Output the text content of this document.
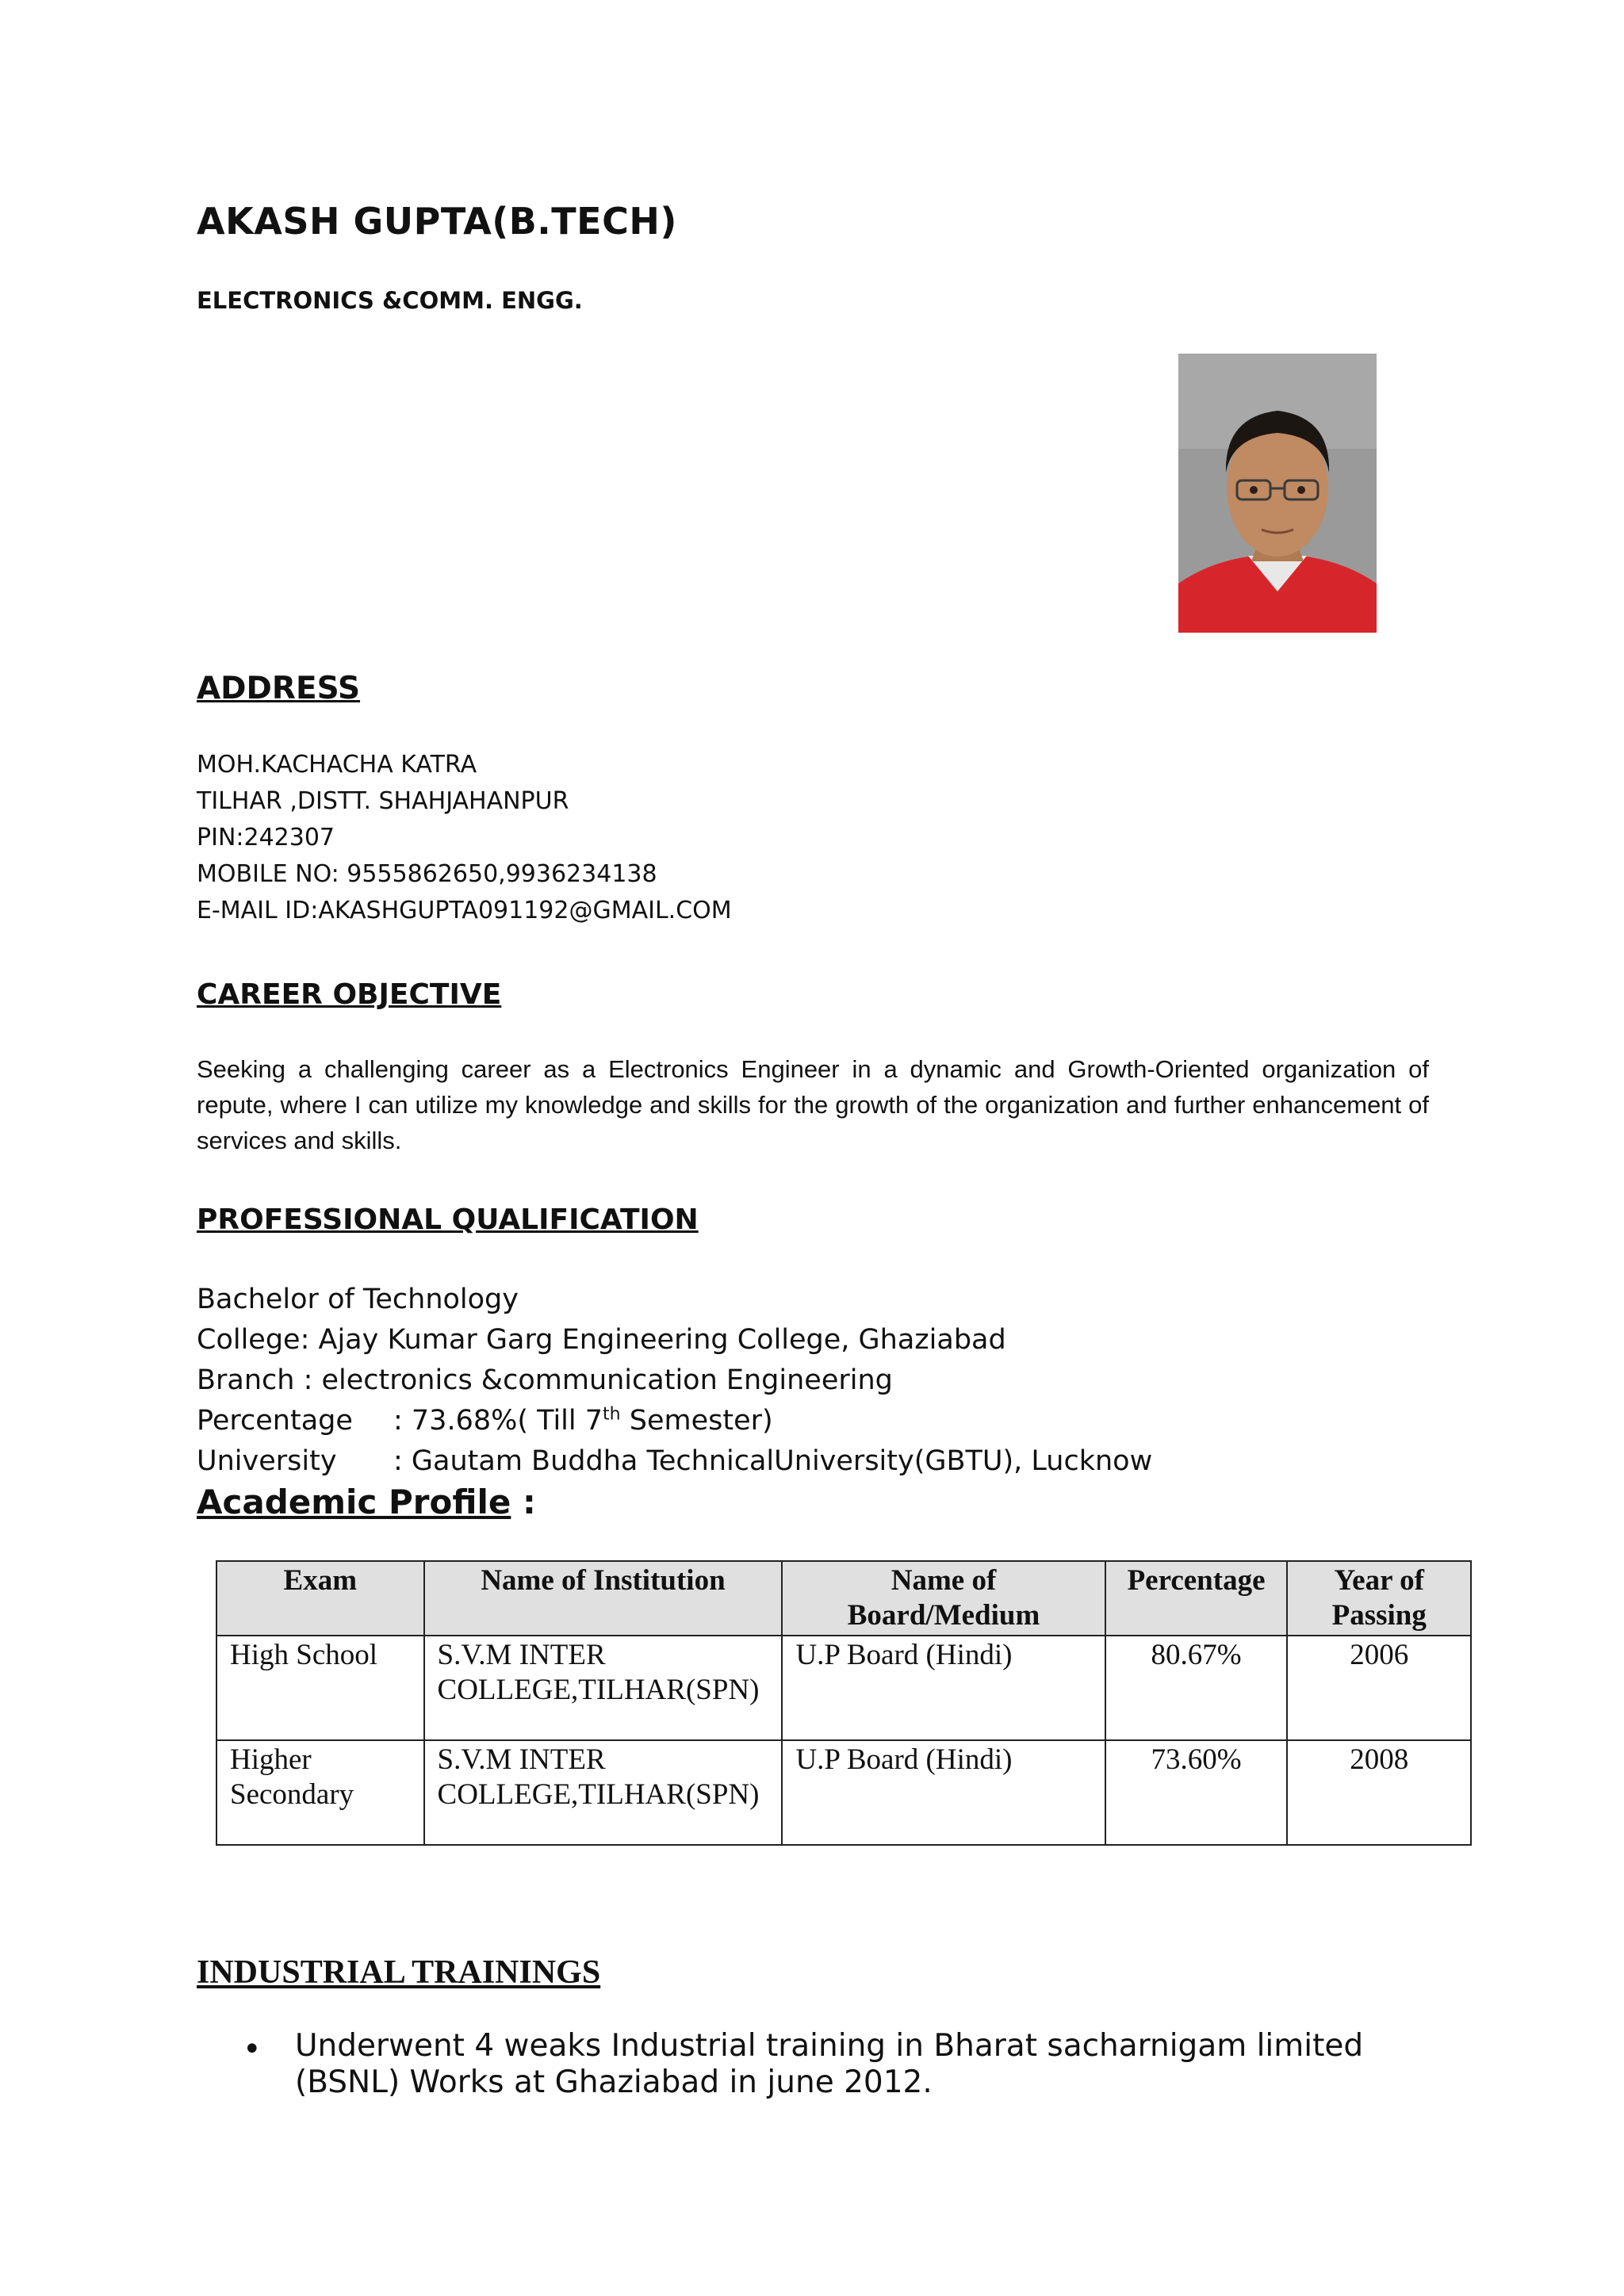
AKASH GUPTA(B.TECH)
ELECTRONICS &COMM. ENGG.
ADDRESS
MOH.KACHACHA KATRA
TILHAR ,DISTT. SHAHJAHANPUR
PIN:242307
MOBILE NO: 9555862650,9936234138
E-MAIL ID:AKASHGUPTA091192@GMAIL.COM
CAREER OBJECTIVE
Seeking a challenging career as a Electronics Engineer in a dynamic and Growth-Oriented organization of repute, where I can utilize my knowledge and skills for the growth of the organization and further enhancement of services and skills.
PROFESSIONAL QUALIFICATION
Bachelor of Technology
College: Ajay Kumar Garg Engineering College, Ghaziabad
Branch : electronics &communication Engineering
Percentage : 73.68%( Till 7th Semester)
University : Gautam Buddha TechnicalUniversity(GBTU), Lucknow
Academic Profile :
Exam	Name of Institution	Name of Board/Medium	Percentage	Year of Passing
High School	S.V.M INTER COLLEGE,TILHAR(SPN)	U.P Board (Hindi)	80.67%	2006
Higher Secondary	S.V.M INTER COLLEGE,TILHAR(SPN)	U.P Board (Hindi)	73.60%	2008
INDUSTRIAL TRAININGS
• Underwent 4 weaks Industrial training in Bharat sacharnigam limited (BSNL) Works at Ghaziabad in june 2012.
